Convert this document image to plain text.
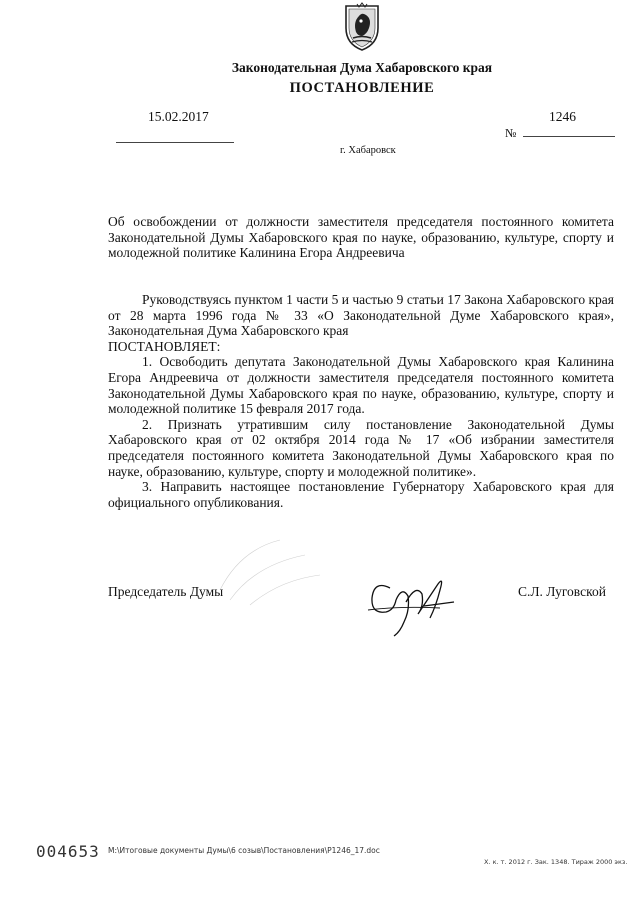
Законодательная Дума Хабаровского края
ПОСТАНОВЛЕНИЕ
15.02.2017	1246
№
г. Хабаровск
Об освобождении от должности заместителя председателя постоянного комитета Законодательной Думы Хабаровского края по науке, образованию, культуре, спорту и молодежной политике Калинина Егора Андреевича

Руководствуясь пунктом 1 части 5 и частью 9 статьи 17 Закона Хабаровского края от 28 марта 1996 года № 33 «О Законодательной Думе Хабаровского края», Законодательная Дума Хабаровского края

ПОСТАНОВЛЯЕТ:

1. Освободить депутата Законодательной Думы Хабаровского края Калинина Егора Андреевича от должности заместителя председателя постоянного комитета Законодательной Думы Хабаровского края по науке, образованию, культуре, спорту и молодежной политике 15 февраля 2017 года.

2. Признать утратившим силу постановление Законодательной Думы Хабаровского края от 02 октября 2014 года № 17 «Об избрании заместителя председателя постоянного комитета Законодательной Думы Хабаровского края по науке, образованию, культуре, спорту и молодежной политике».

3. Направить настоящее постановление Губернатору Хабаровского края для официального опубликования.

Председатель Думы	С.Л. Луговской
004653 M:\Итоговые документы Думы\6 созыв\Постановления\P1246_17.doc
Х. к. т. 2012 г. Зак. 1348. Тираж 2000 экз.
